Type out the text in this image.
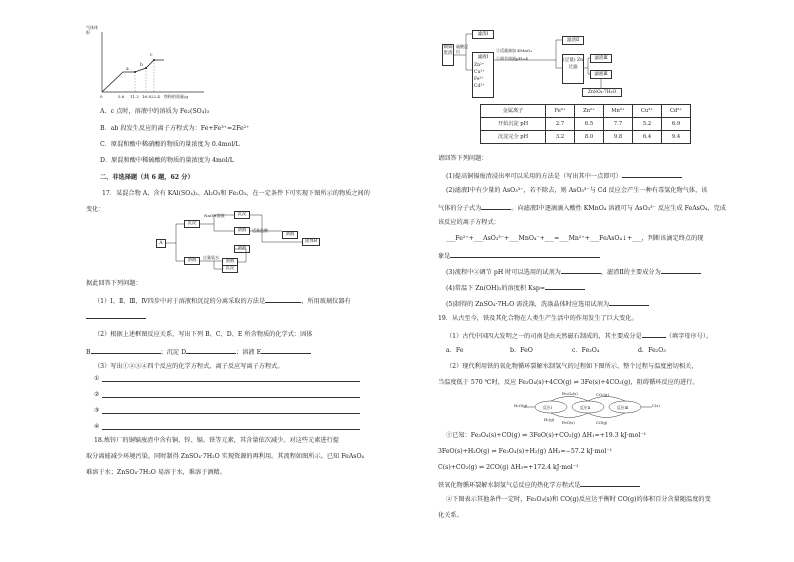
气体体积
a
b
c
0	5.6 11.2 16.8 22.4 铁粉的质量/g
A．c 点时，溶液中的溶质为 Fe₂(SO₄)₃
B．ab 段发生反应的离子方程式为：Fe+Fe³⁺=2Fe²⁺
C．原混和酸中稀硝酸的物质的量浓度为 0.4mol/L
D．原混和酸中稀硫酸的物质的量浓度为 4mol/L
二、非选择题（共 6 题，62 分）
17．某混合物 A，含有 KAl(SO₄)₂、Al₂O₃和 Fe₂O₃，在一定条件下可实现下图所示的物质之间的
变化：
A
沉淀
溶液
NaOH溶液	沉淀
溶液	适量盐酸
溶液
固体B
溶液
过量氨水
溶液
沉淀
据此回答下列问题：
（1）Ⅰ、Ⅱ、Ⅲ、Ⅳ四步中对于溶液和沉淀的分离采取的方法是	，所用玻璃仪器有
（2）根据上述框图反应关系，写出下列 B、C、D、E 所含物质的化学式：固体
B	；沉淀 D	；溶液 E
（3）写出①②③④四个反应的化学方程式，离子反应写离子方程式。
①
②
③
④
18.炼锌厂的铜镉废渣中含有铜、锌、镉、铁等元素，其含量依次减少。对这些元素进行提
取分离能减少环境污染，同时制得 ZnSO₄·7H₂O 实现资源的再利用。其流程如图所示。已知 FeAsO₄
难溶于水；ZnSO₄·7H₂O 易溶于水，难溶于酒精。
铜镉废渣
硫酸浸出
滤渣Ⅰ
滤液Ⅰ
Zn²⁺ Cu²⁺ Fe²⁺ Cd²⁺
②适量滴加 KMnO₄
①调节溶液pH=4
滤渣Ⅱ
(足量) Zn 过滤
滤渣Ⅲ
滤液Ⅲ
ZnSO₄·7H₂O
金属离子	Fe³⁺	Zn²⁺	Mn²⁺	Cu²⁺	Cd²⁺
开始沉淀 pH	2.7	6.5	7.7	5.2	6.9
沉淀完全 pH	3.2	8.0	9.8	6.4	9.4
请回答下列问题：
(1)提高铜镉废渣浸出率可以采用的方法是（写出其中一点即可）
(2)滤液Ⅰ中有少量的 AsO₃³⁻，若不除去，则 AsO₃³⁻与 Cd 反应会产生一种有毒氢化物气体，该
气体的分子式为	。向滤液Ⅰ中逐滴滴入酸性 KMnO₄ 溶液可与 AsO₃³⁻ 反应生成 FeAsO₄，完成
该反应的离子方程式：
___Fe²⁺+___AsO₃³⁻+___MnO₄⁻+___=___Mn²⁺+___FeAsO₄↓+___，判断该滴定终点的现
象是
(3)流程中②调节 pH 时可以选用的试剂为	，滤渣Ⅱ的主要成分为
(4)常温下 Zn(OH)₂的溶度积 Ksp=
(5)制得的 ZnSO₄·7H₂O 需洗涤，洗涤晶体时应选用试剂为
19．从古至今，铁及其化合物在人类生产生活中的作用发生了巨大变化。
（1）古代中国四大发明之一的司南是由天然磁石制成的，其主要成分是	（填字母序号）。
a．Fe	b．FeO	c．Fe₃O₄	d．Fe₂O₃
（2）现代利用铁的氧化物循环裂解水制氢气的过程如下图所示。整个过程与温度密切相关，
当温度低于 570 ℃时，反应 Fe₃O₄(s)+4CO(g) ⇌ 3Fe(s)+4CO₂(g)，阻碍循环反应的进行。
H₂O(g)	反应Ⅰ	反应Ⅱ	反应Ⅲ	C(s)
H₂(g)
CO₂(g)
CO(g)
Fe₃O₄(s)
FeO(s)
①已知：Fe₃O₄(s)+CO(g) ⇌ 3FeO(s)+CO₂(g) ΔH₁=+19.3 kJ·mol⁻¹
3FeO(s)+H₂O(g) ⇌ Fe₃O₄(s)+H₂(g) ΔH₂=−57.2 kJ·mol⁻¹
C(s)+CO₂(g) ⇌ 2CO(g) ΔH₃=+172.4 kJ·mol⁻¹
铁氧化物循环裂解水制氢气总反应的热化学方程式是
②下图表示其他条件一定时，Fe₃O₄(s)和 CO(g)反应达平衡时 CO(g)的体积百分含量随温度的变
化关系。
